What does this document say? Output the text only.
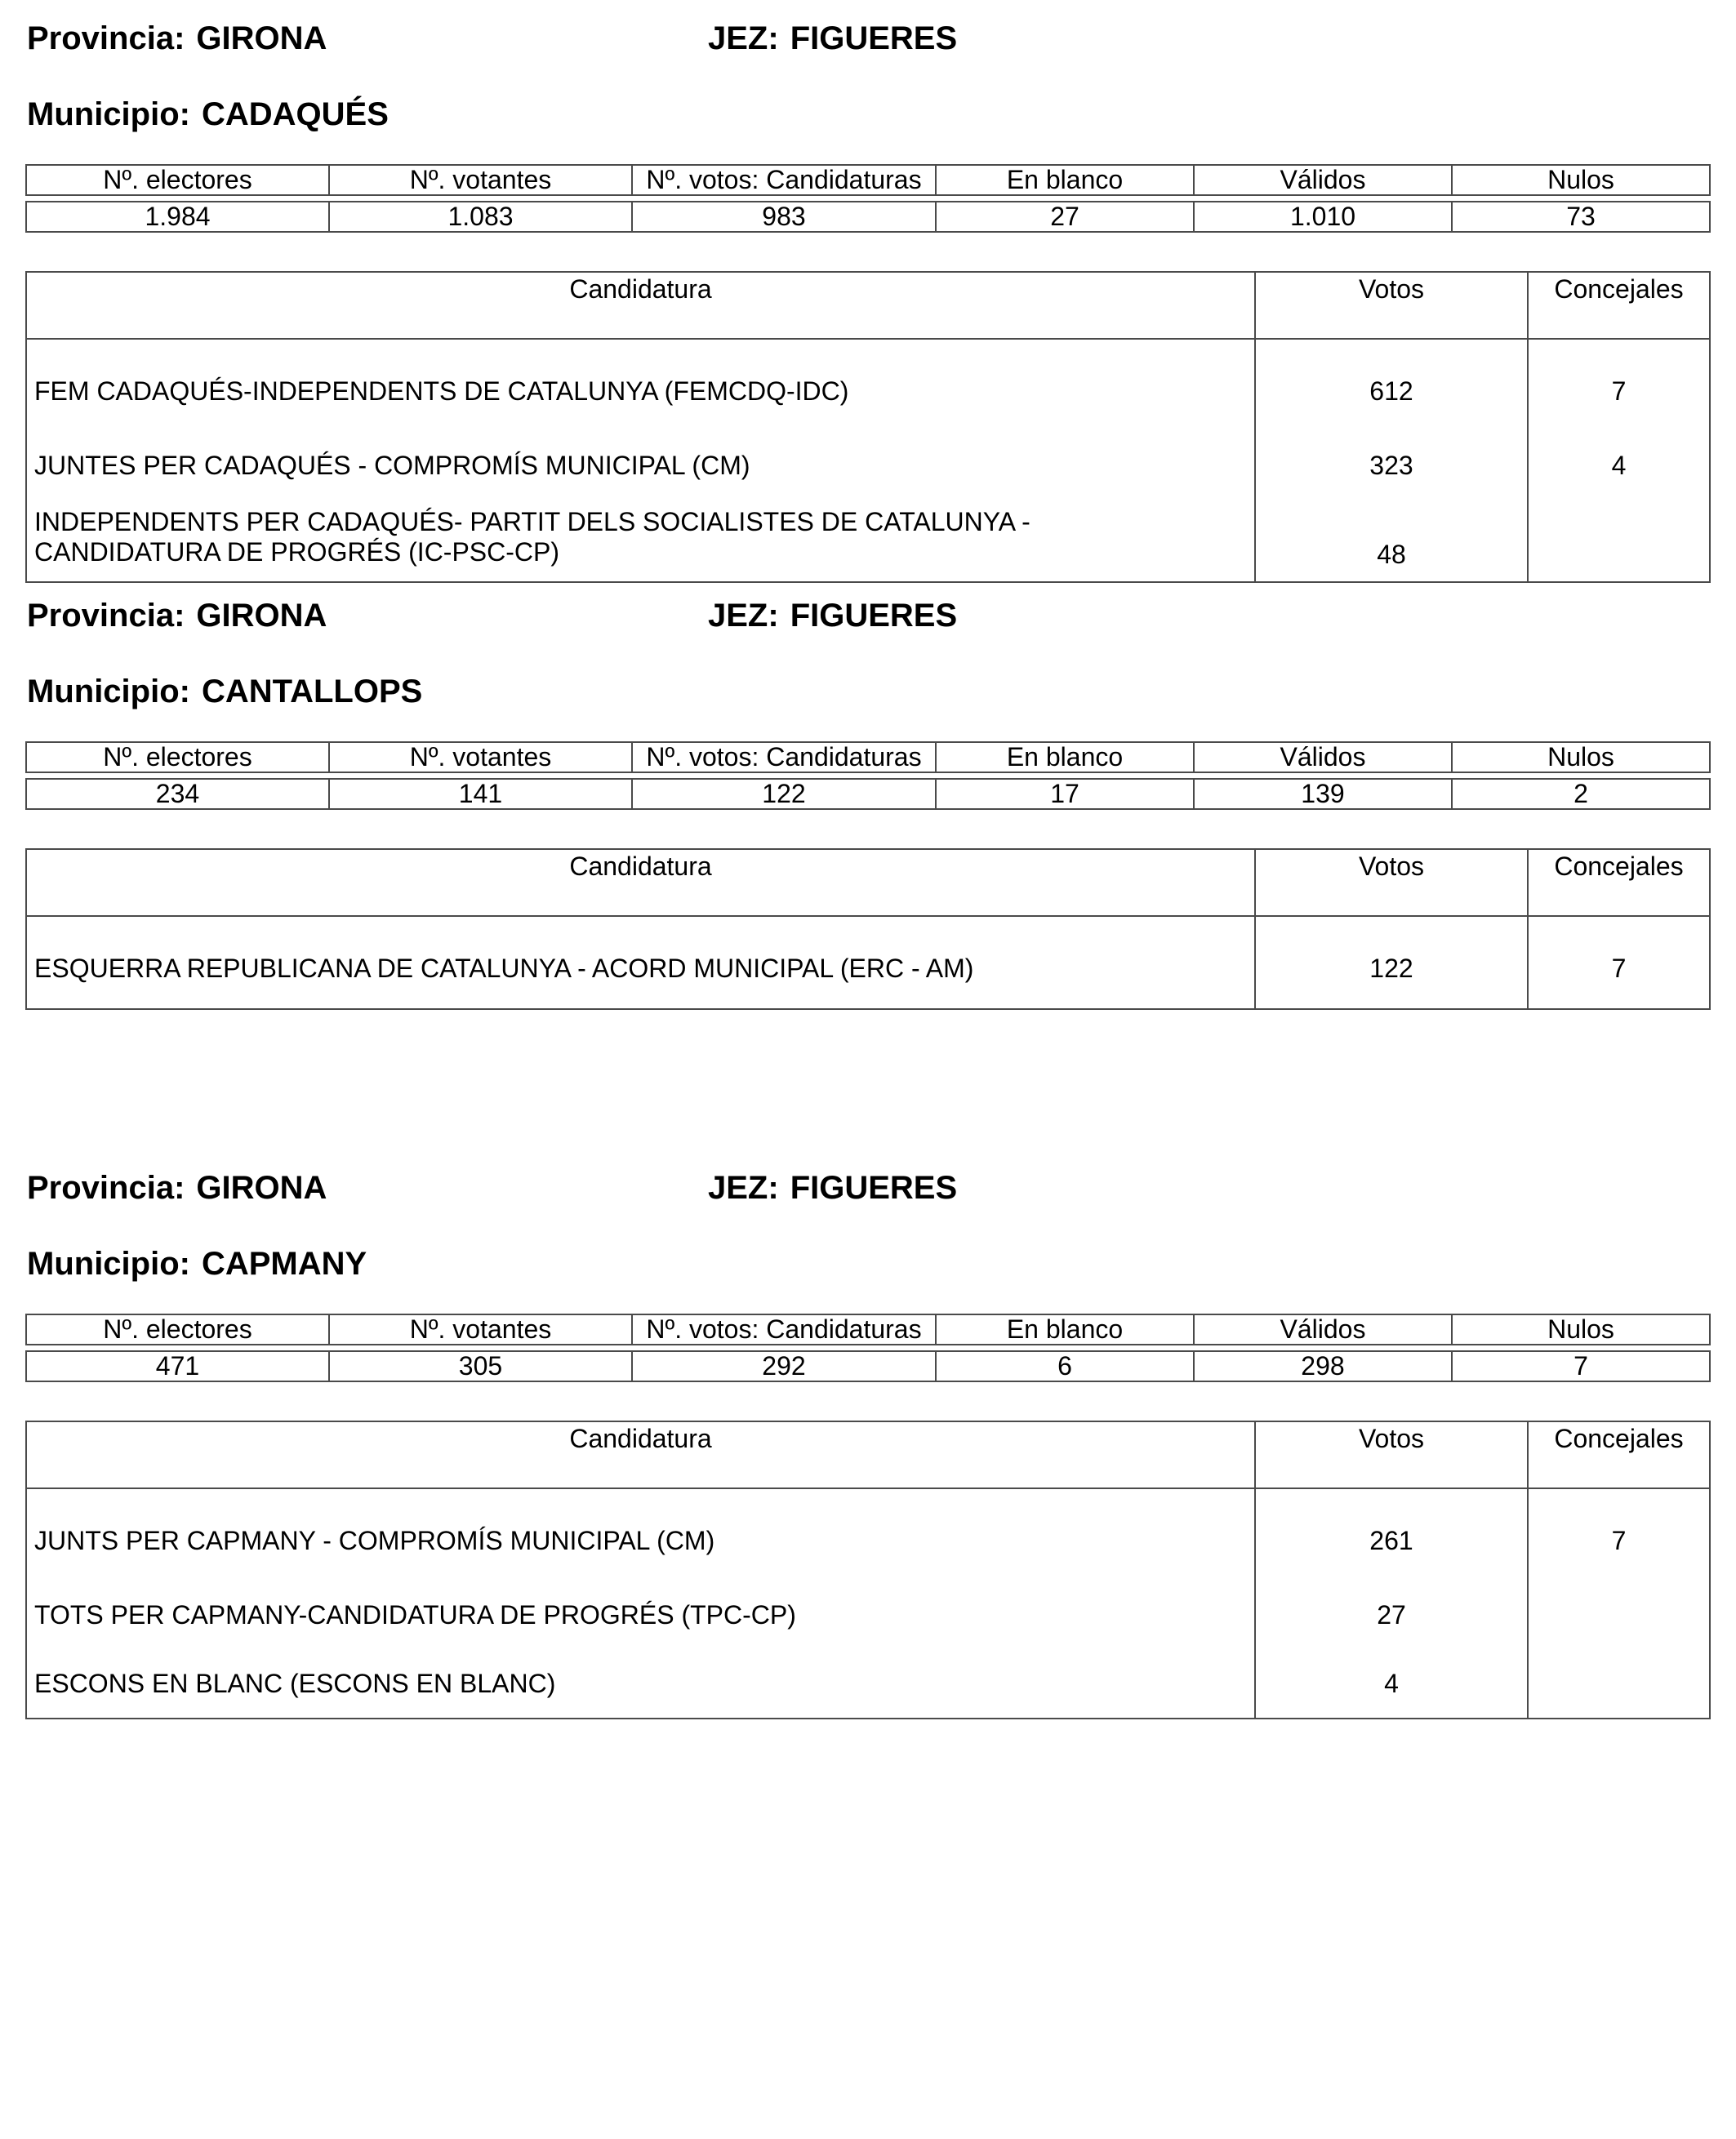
Provincia: GIRONA	JEZ: FIGUERES
Municipio: CADAQUÉS
Nº. electores	Nº. votantes	Nº. votos: Candidaturas	En blanco	Válidos	Nulos

1.984	1.083	983	27	1.010	73
Candidatura	Votos	Concejales
FEM CADAQUÉS-INDEPENDENTS DE CATALUNYA (FEMCDQ-IDC)	612	7
JUNTES PER CADAQUÉS - COMPROMÍS MUNICIPAL (CM)	323	4
INDEPENDENTS PER CADAQUÉS- PARTIT DELS SOCIALISTES DE CATALUNYA -
CANDIDATURA DE PROGRÉS (IC-PSC-CP)	48	
Provincia: GIRONA	JEZ: FIGUERES
Municipio: CANTALLOPS
Nº. electores	Nº. votantes	Nº. votos: Candidaturas	En blanco	Válidos	Nulos

234	141	122	17	139	2
Candidatura	Votos	Concejales
ESQUERRA REPUBLICANA DE CATALUNYA - ACORD MUNICIPAL (ERC - AM)	122	7
Provincia: GIRONA	JEZ: FIGUERES
Municipio: CAPMANY
Nº. electores	Nº. votantes	Nº. votos: Candidaturas	En blanco	Válidos	Nulos

471	305	292	6	298	7
Candidatura	Votos	Concejales
JUNTS PER CAPMANY - COMPROMÍS MUNICIPAL (CM)	261	7
TOTS PER CAPMANY-CANDIDATURA DE PROGRÉS (TPC-CP)	27	
ESCONS EN BLANC (ESCONS EN BLANC)	4	
